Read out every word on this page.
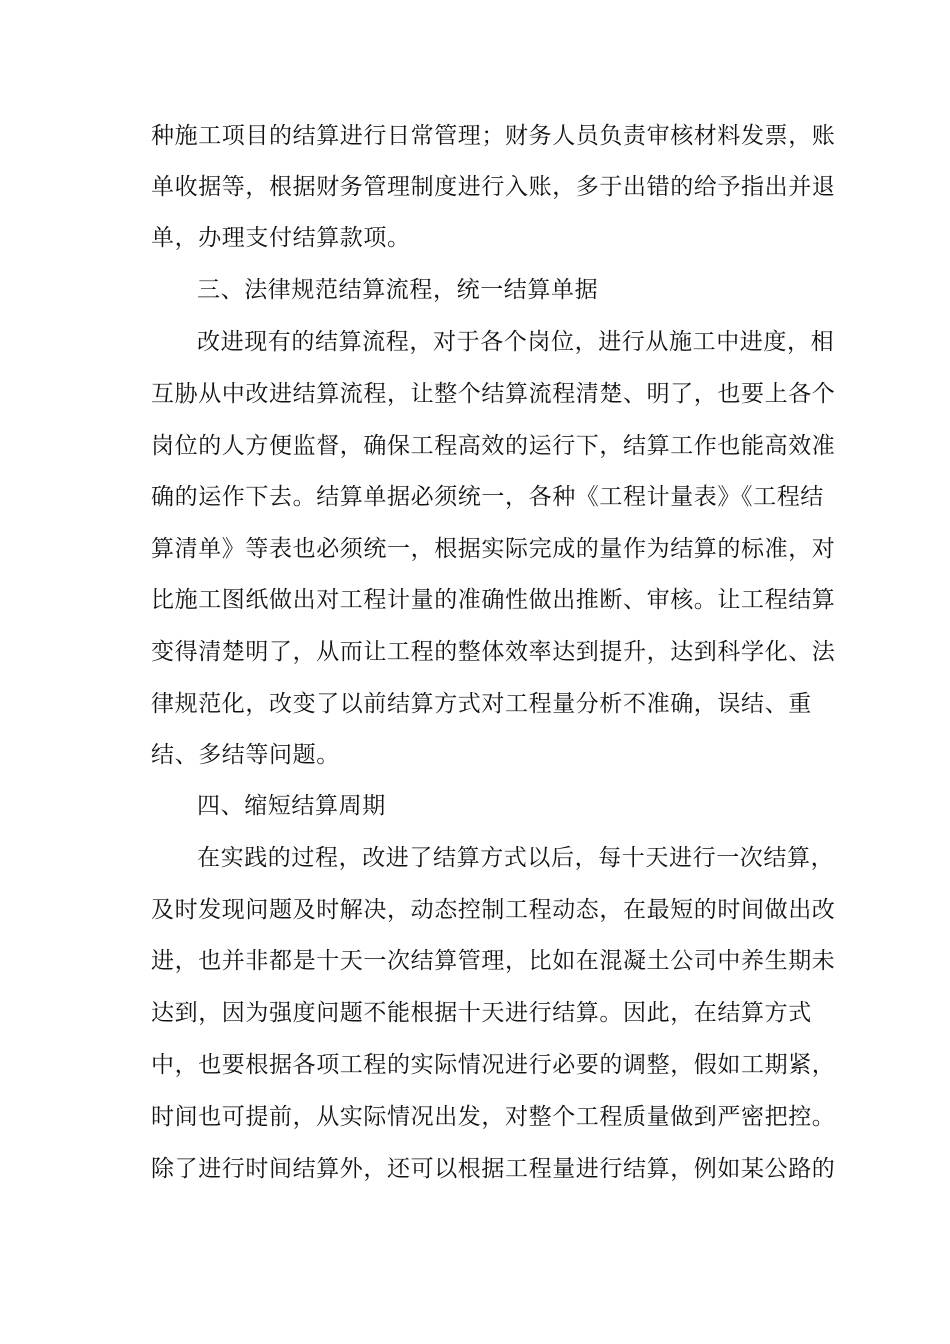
种施工项目的结算进行日常管理；财务人员负责审核材料发票，账
单收据等，根据财务管理制度进行入账，多于出错的给予指出并退
单，办理支付结算款项。
三、法律规范结算流程，统一结算单据
改进现有的结算流程，对于各个岗位，进行从施工中进度，相
互胁从中改进结算流程，让整个结算流程清楚、明了，也要上各个
岗位的人方便监督，确保工程高效的运行下，结算工作也能高效准
确的运作下去。结算单据必须统一，各种《工程计量表》《工程结
算清单》等表也必须统一，根据实际完成的量作为结算的标准，对
比施工图纸做出对工程计量的准确性做出推断、审核。让工程结算
变得清楚明了，从而让工程的整体效率达到提升，达到科学化、法
律规范化，改变了以前结算方式对工程量分析不准确，误结、重
结、多结等问题。
四、缩短结算周期
在实践的过程，改进了结算方式以后，每十天进行一次结算，
及时发现问题及时解决，动态控制工程动态，在最短的时间做出改
进，也并非都是十天一次结算管理，比如在混凝土公司中养生期未
达到，因为强度问题不能根据十天进行结算。因此，在结算方式
中，也要根据各项工程的实际情况进行必要的调整，假如工期紧，
时间也可提前，从实际情况出发，对整个工程质量做到严密把控。
除了进行时间结算外，还可以根据工程量进行结算，例如某公路的
